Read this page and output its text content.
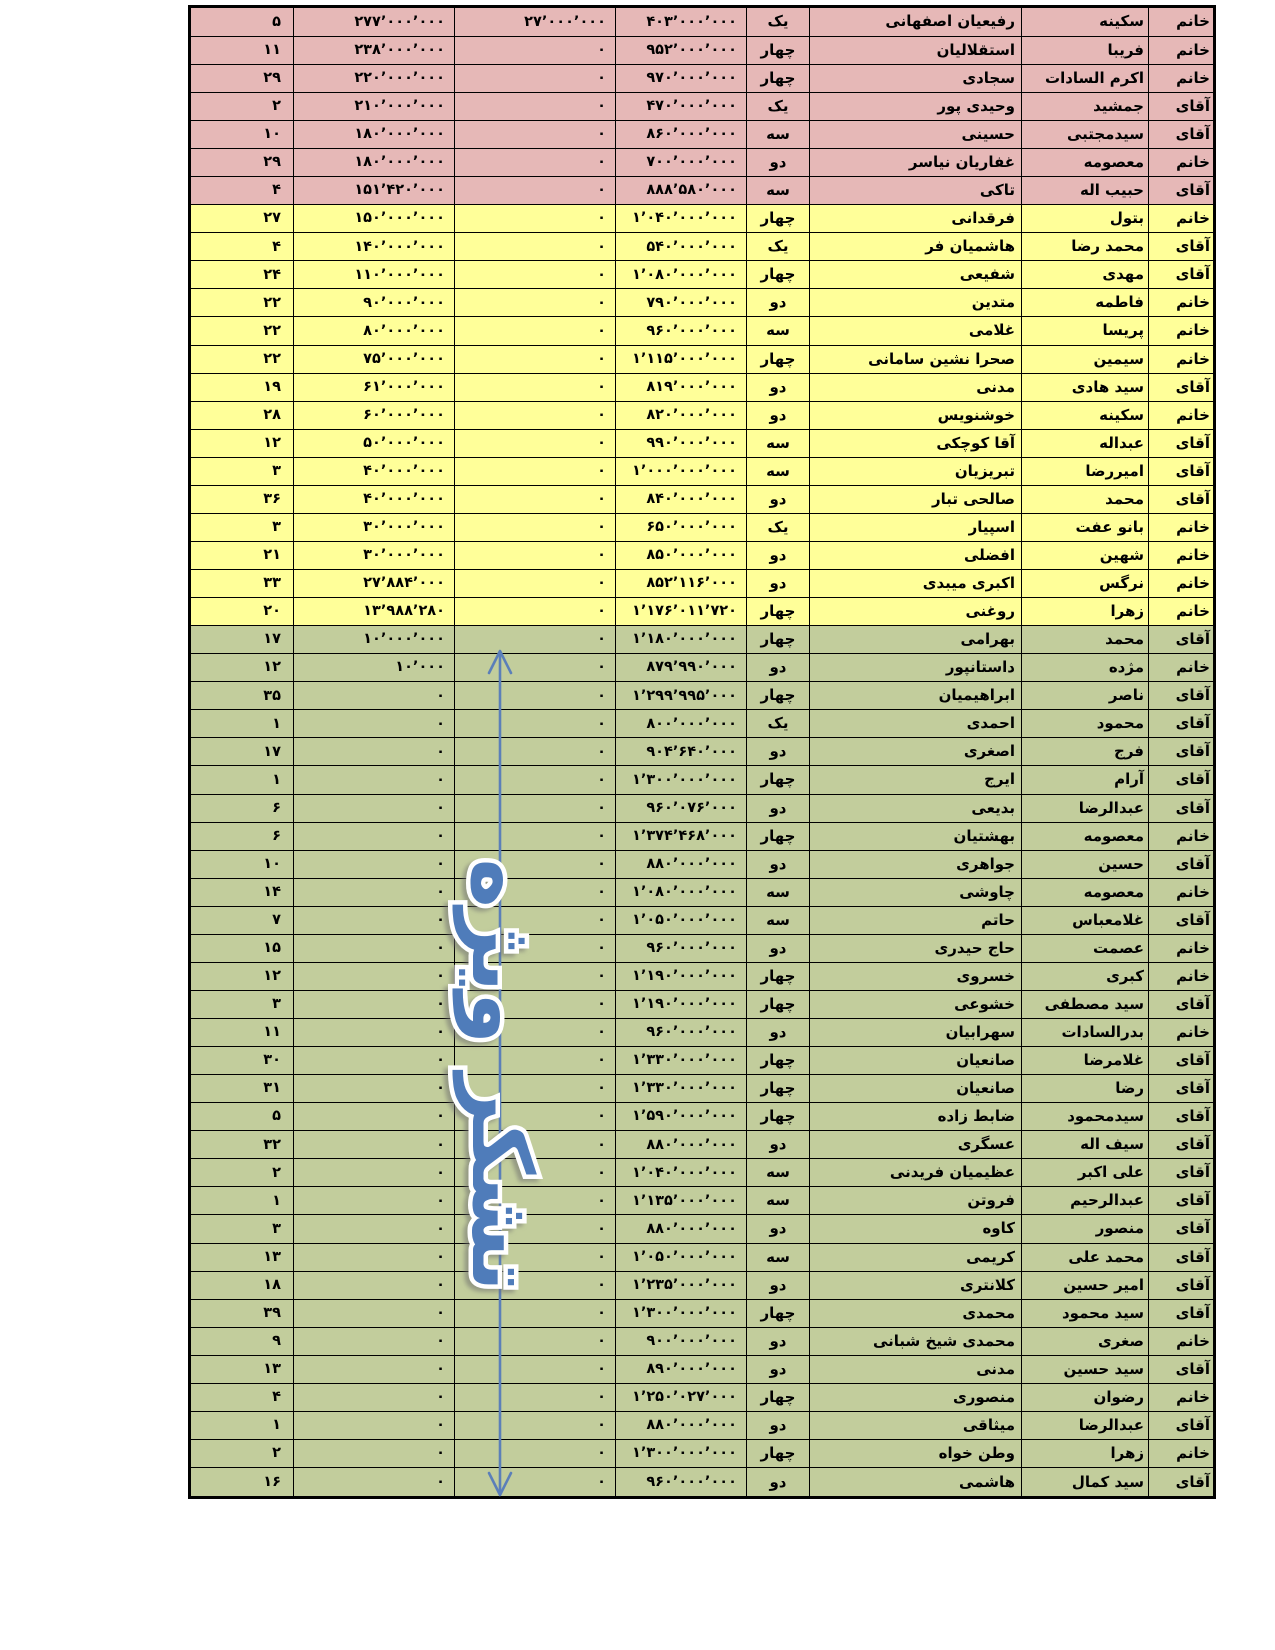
خانم	سکینه	رفیعیان اصفهانی	یک	۴۰۳٬۰۰۰٬۰۰۰	۲۷٬۰۰۰٬۰۰۰	۲۷۷٬۰۰۰٬۰۰۰	۵
خانم	فریبا	استقلالیان	چهار	۹۵۲٬۰۰۰٬۰۰۰	۰	۲۳۸٬۰۰۰٬۰۰۰	۱۱
خانم	اکرم السادات	سجادی	چهار	۹۷۰٬۰۰۰٬۰۰۰	۰	۲۲۰٬۰۰۰٬۰۰۰	۲۹
آقای	جمشید	وحیدی پور	یک	۴۷۰٬۰۰۰٬۰۰۰	۰	۲۱۰٬۰۰۰٬۰۰۰	۲
آقای	سیدمجتبی	حسینی	سه	۸۶۰٬۰۰۰٬۰۰۰	۰	۱۸۰٬۰۰۰٬۰۰۰	۱۰
خانم	معصومه	غفاریان نیاسر	دو	۷۰۰٬۰۰۰٬۰۰۰	۰	۱۸۰٬۰۰۰٬۰۰۰	۲۹
آقای	حبیب اله	تاکی	سه	۸۸۸٬۵۸۰٬۰۰۰	۰	۱۵۱٬۴۲۰٬۰۰۰	۴
خانم	بتول	فرقدانی	چهار	۱٬۰۴۰٬۰۰۰٬۰۰۰	۰	۱۵۰٬۰۰۰٬۰۰۰	۲۷
آقای	محمد رضا	هاشمیان فر	یک	۵۴۰٬۰۰۰٬۰۰۰	۰	۱۴۰٬۰۰۰٬۰۰۰	۴
آقای	مهدی	شفیعی	چهار	۱٬۰۸۰٬۰۰۰٬۰۰۰	۰	۱۱۰٬۰۰۰٬۰۰۰	۲۴
خانم	فاطمه	متدین	دو	۷۹۰٬۰۰۰٬۰۰۰	۰	۹۰٬۰۰۰٬۰۰۰	۲۲
خانم	پریسا	غلامی	سه	۹۶۰٬۰۰۰٬۰۰۰	۰	۸۰٬۰۰۰٬۰۰۰	۲۲
خانم	سیمین	صحرا نشین سامانی	چهار	۱٬۱۱۵٬۰۰۰٬۰۰۰	۰	۷۵٬۰۰۰٬۰۰۰	۲۲
آقای	سید هادی	مدنی	دو	۸۱۹٬۰۰۰٬۰۰۰	۰	۶۱٬۰۰۰٬۰۰۰	۱۹
خانم	سکینه	خوشنویس	دو	۸۲۰٬۰۰۰٬۰۰۰	۰	۶۰٬۰۰۰٬۰۰۰	۲۸
آقای	عبداله	آقا کوچکی	سه	۹۹۰٬۰۰۰٬۰۰۰	۰	۵۰٬۰۰۰٬۰۰۰	۱۲
آقای	امیررضا	تبریزیان	سه	۱٬۰۰۰٬۰۰۰٬۰۰۰	۰	۴۰٬۰۰۰٬۰۰۰	۳
آقای	محمد	صالحی تبار	دو	۸۴۰٬۰۰۰٬۰۰۰	۰	۴۰٬۰۰۰٬۰۰۰	۳۶
خانم	بانو عفت	اسپیار	یک	۶۵۰٬۰۰۰٬۰۰۰	۰	۳۰٬۰۰۰٬۰۰۰	۳
خانم	شهین	افضلی	دو	۸۵۰٬۰۰۰٬۰۰۰	۰	۳۰٬۰۰۰٬۰۰۰	۲۱
خانم	نرگس	اکبری میبدی	دو	۸۵۲٬۱۱۶٬۰۰۰	۰	۲۷٬۸۸۴٬۰۰۰	۳۳
خانم	زهرا	روغنی	چهار	۱٬۱۷۶٬۰۱۱٬۷۲۰	۰	۱۳٬۹۸۸٬۲۸۰	۲۰
آقای	محمد	بهرامی	چهار	۱٬۱۸۰٬۰۰۰٬۰۰۰	۰	۱۰٬۰۰۰٬۰۰۰	۱۷
خانم	مژده	داستانپور	دو	۸۷۹٬۹۹۰٬۰۰۰	۰	۱۰٬۰۰۰	۱۲
آقای	ناصر	ابراهیمیان	چهار	۱٬۲۹۹٬۹۹۵٬۰۰۰	۰	۰	۳۵
آقای	محمود	احمدی	یک	۸۰۰٬۰۰۰٬۰۰۰	۰	۰	۱
آقای	فرج	اصغری	دو	۹۰۴٬۶۴۰٬۰۰۰	۰	۰	۱۷
آقای	آرام	ایرج	چهار	۱٬۳۰۰٬۰۰۰٬۰۰۰	۰	۰	۱
آقای	عبدالرضا	بدیعی	دو	۹۶۰٬۰۷۶٬۰۰۰	۰	۰	۶
خانم	معصومه	بهشتیان	چهار	۱٬۳۷۴٬۴۶۸٬۰۰۰	۰	۰	۶
آقای	حسین	جواهری	دو	۸۸۰٬۰۰۰٬۰۰۰	۰	۰	۱۰
خانم	معصومه	چاوشی	سه	۱٬۰۸۰٬۰۰۰٬۰۰۰	۰	۰	۱۴
آقای	غلامعباس	حاتم	سه	۱٬۰۵۰٬۰۰۰٬۰۰۰	۰	۰	۷
خانم	عصمت	حاج حیدری	دو	۹۶۰٬۰۰۰٬۰۰۰	۰	۰	۱۵
خانم	کبری	خسروی	چهار	۱٬۱۹۰٬۰۰۰٬۰۰۰	۰	۰	۱۲
آقای	سید مصطفی	خشوعی	چهار	۱٬۱۹۰٬۰۰۰٬۰۰۰	۰	۰	۳
خانم	بدرالسادات	سهرابیان	دو	۹۶۰٬۰۰۰٬۰۰۰	۰	۰	۱۱
آقای	غلامرضا	صانعیان	چهار	۱٬۳۳۰٬۰۰۰٬۰۰۰	۰	۰	۳۰
آقای	رضا	صانعیان	چهار	۱٬۳۳۰٬۰۰۰٬۰۰۰	۰	۰	۳۱
آقای	سیدمحمود	ضابط زاده	چهار	۱٬۵۹۰٬۰۰۰٬۰۰۰	۰	۰	۵
آقای	سیف اله	عسگری	دو	۸۸۰٬۰۰۰٬۰۰۰	۰	۰	۳۲
آقای	علی اکبر	عظیمیان فریدنی	سه	۱٬۰۴۰٬۰۰۰٬۰۰۰	۰	۰	۲
آقای	عبدالرحیم	فروتن	سه	۱٬۱۳۵٬۰۰۰٬۰۰۰	۰	۰	۱
آقای	منصور	کاوه	دو	۸۸۰٬۰۰۰٬۰۰۰	۰	۰	۳
آقای	محمد علی	کریمی	سه	۱٬۰۵۰٬۰۰۰٬۰۰۰	۰	۰	۱۳
آقای	امیر حسین	کلانتری	دو	۱٬۲۳۵٬۰۰۰٬۰۰۰	۰	۰	۱۸
آقای	سید محمود	محمدی	چهار	۱٬۳۰۰٬۰۰۰٬۰۰۰	۰	۰	۳۹
خانم	صغری	محمدی شیخ شبانی	دو	۹۰۰٬۰۰۰٬۰۰۰	۰	۰	۹
آقای	سید حسین	مدنی	دو	۸۹۰٬۰۰۰٬۰۰۰	۰	۰	۱۳
خانم	رضوان	منصوری	چهار	۱٬۲۵۰٬۰۲۷٬۰۰۰	۰	۰	۴
آقای	عبدالرضا	میثاقی	دو	۸۸۰٬۰۰۰٬۰۰۰	۰	۰	۱
خانم	زهرا	وطن خواه	چهار	۱٬۳۰۰٬۰۰۰٬۰۰۰	۰	۰	۲
آقای	سید کمال	هاشمی	دو	۹۶۰٬۰۰۰٬۰۰۰	۰	۰	۱۶
تشکر ویژه
